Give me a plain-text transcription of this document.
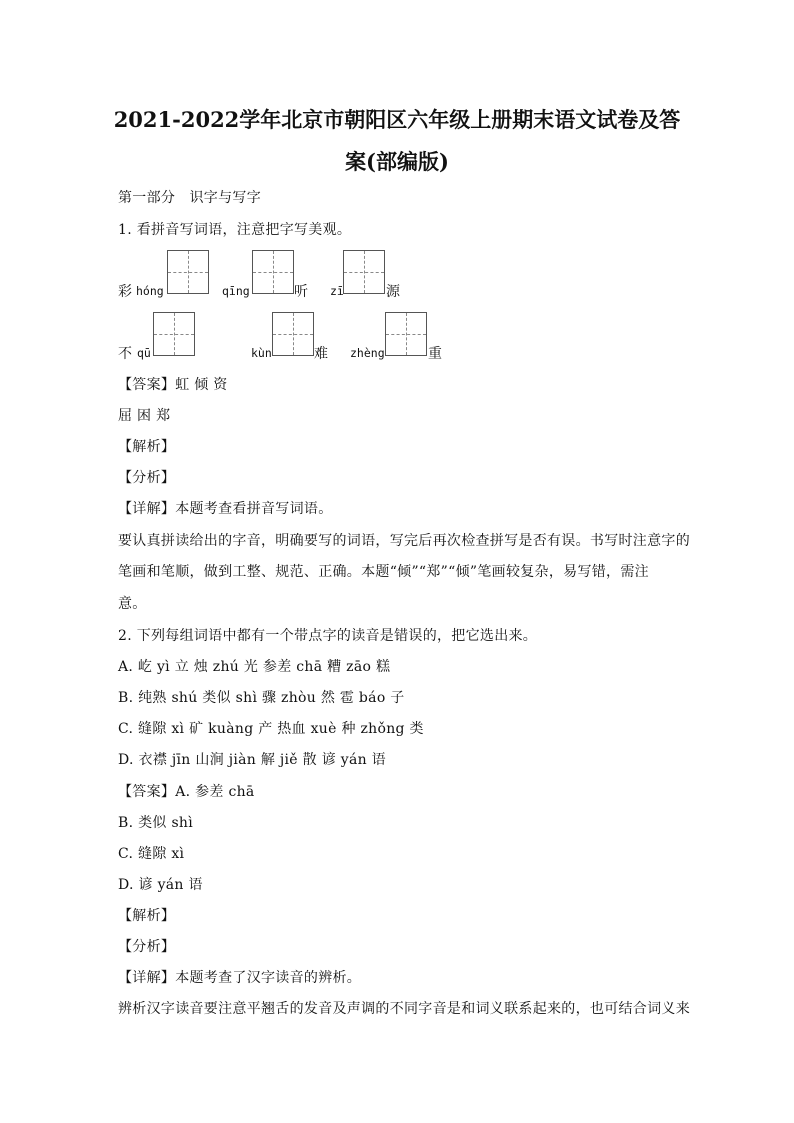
2021-2022学年北京市朝阳区六年级上册期末语文试卷及答
案(部编版)
第一部分　识字与写字
1. 看拼音写词语，注意把字写美观。
彩 hóng	qīng	听 zī	源
不 qū	kùn	难 zhèng	重
【答案】虹 倾 资
屈 困 郑
【解析】
【分析】
【详解】本题考查看拼音写词语。
要认真拼读给出的字音，明确要写的词语，写完后再次检查拼写是否有误。书写时注意字的
笔画和笔顺，做到工整、规范、正确。本题“倾”“郑”“倾”笔画较复杂，易写错，需注
意。
2. 下列每组词语中都有一个带点字的读音是错误的，把它选出来。
A. 屹 yì 立 烛 zhú 光 参差 chā 糟 zāo 糕
B. 纯熟 shú 类似 shì 骤 zhòu 然 雹 báo 子
C. 缝隙 xì 矿 kuàng 产 热血 xuè 种 zhǒng 类
D. 衣襟 jīn 山涧 jiàn 解 jiě 散 谚 yán 语
【答案】A. 参差 chā
B. 类似 shì
C. 缝隙 xì
D. 谚 yán 语
【解析】
【分析】
【详解】本题考查了汉字读音的辨析。
辨析汉字读音要注意平翘舌的发音及声调的不同字音是和词义联系起来的，也可结合词义来
